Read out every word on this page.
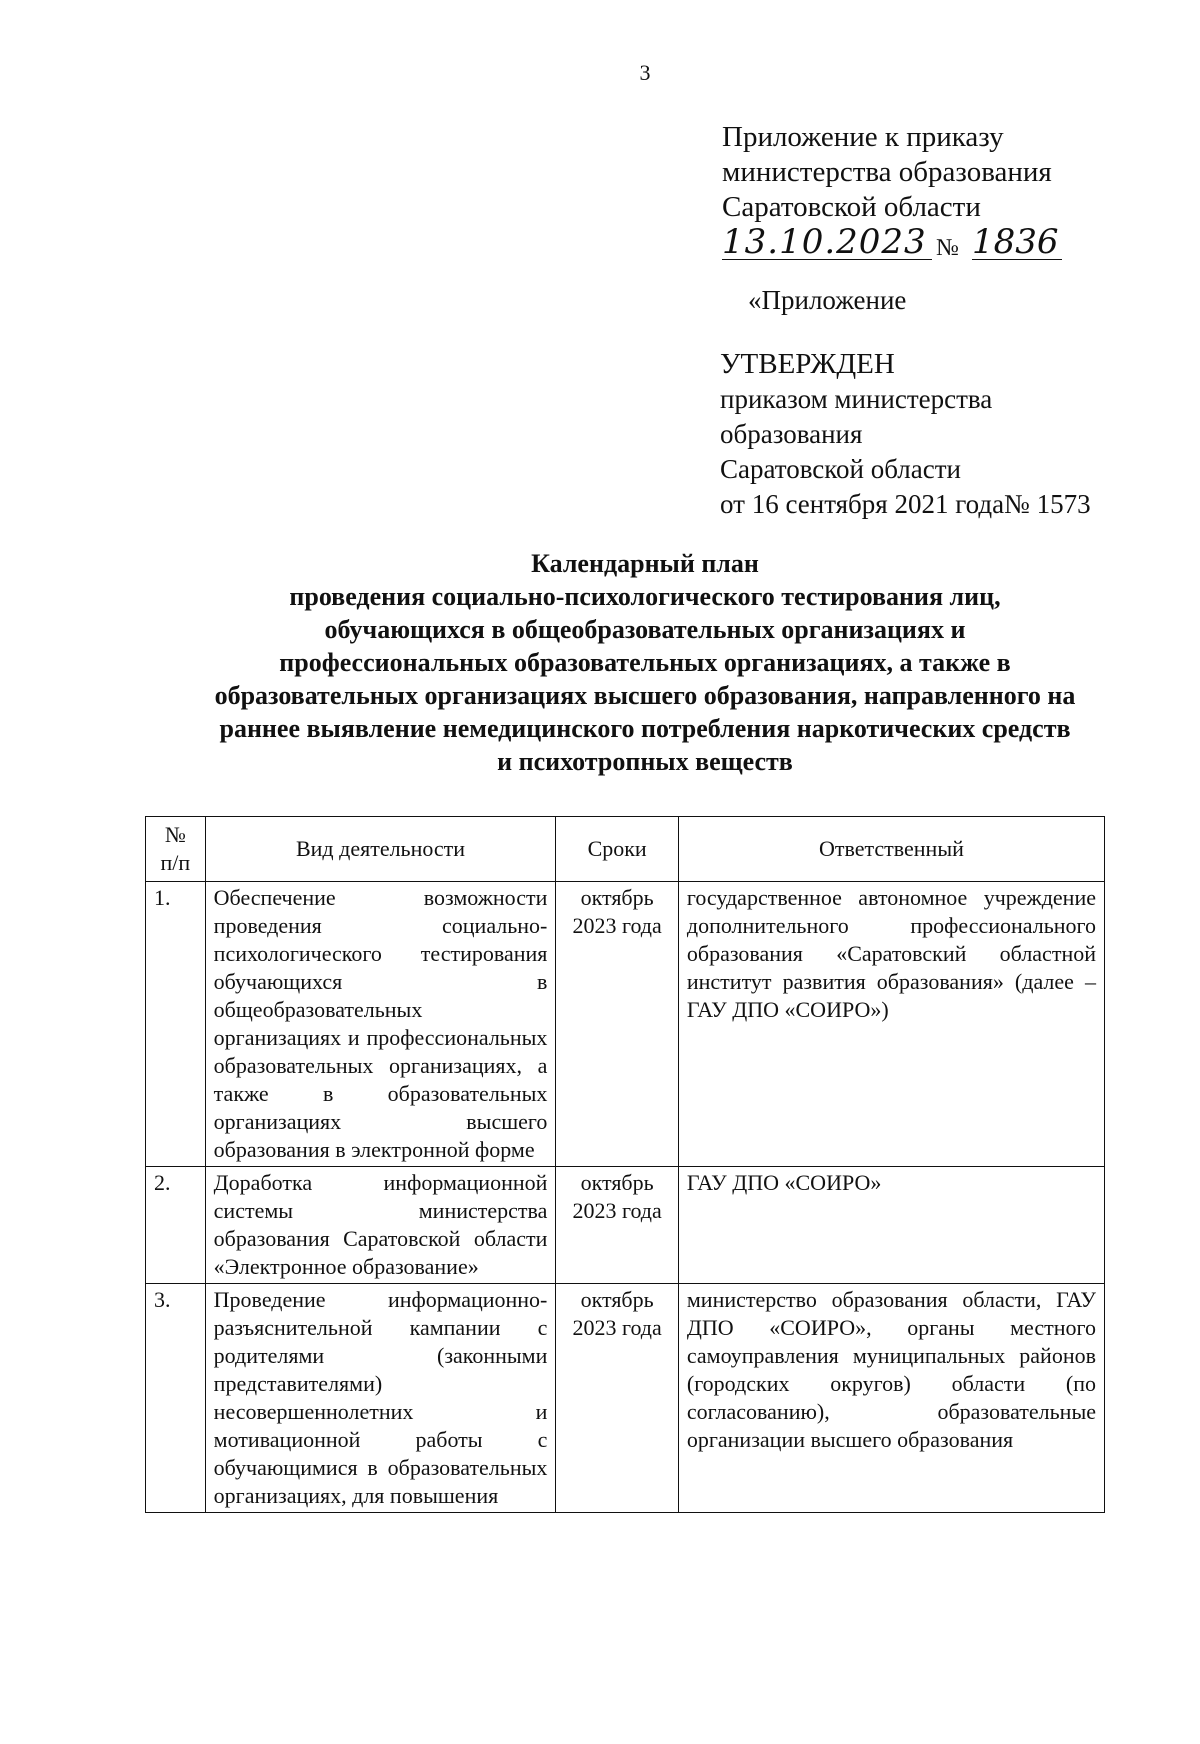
3
Приложение к приказу
министерства образования
Саратовской области
13.10.2023 № 1836
«Приложение
УТВЕРЖДЕН
приказом министерства
образования
Саратовской области
от 16 сентября 2021 года№ 1573
Календарный план
проведения социально-психологического тестирования лиц,
обучающихся в общеобразовательных организациях и
профессиональных образовательных организациях, а также в
образовательных организациях высшего образования, направленного на
раннее выявление немедицинского потребления наркотических средств
и психотропных веществ
№ п/п	Вид деятельности	Сроки	Ответственный
1.	Обеспечение возможности проведения социально-психологического тестирования обучающихся в общеобразовательных организациях и профессиональных образовательных организациях, а также в образовательных организациях высшего образования в электронной форме	октябрь 2023 года	государственное автономное учреждение дополнительного профессионального образования «Саратовский областной институт развития образования» (далее – ГАУ ДПО «СОИРО»)
2.	Доработка информационной системы министерства образования Саратовской области «Электронное образование»	октябрь 2023 года	ГАУ ДПО «СОИРО»
3.	Проведение информационно-разъяснительной кампании с родителями (законными представителями) несовершеннолетних и мотивационной работы с обучающимися в образовательных организациях, для повышения	октябрь 2023 года	министерство образования области, ГАУ ДПО «СОИРО», органы местного самоуправления муниципальных районов (городских округов) области (по согласованию), образовательные организации высшего образования
